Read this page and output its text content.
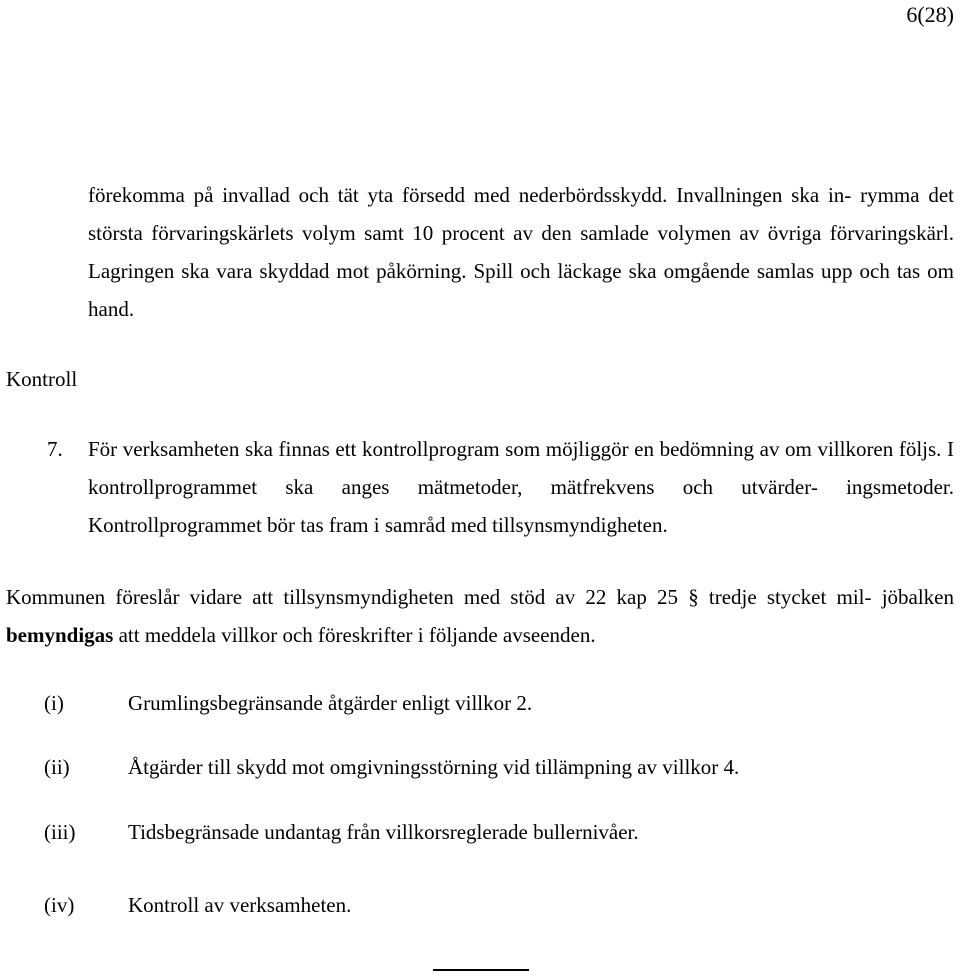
6(28)
förekomma på invallad och tät yta försedd med nederbördsskydd. Invallningen ska in- rymma det största förvaringskärlets volym samt 10 procent av den samlade volymen av övriga förvaringskärl. Lagringen ska vara skyddad mot påkörning. Spill och läckage ska omgående samlas upp och tas om hand.
Kontroll
7. För verksamheten ska finnas ett kontrollprogram som möjliggör en bedömning av om villkoren följs. I kontrollprogrammet ska anges mätmetoder, mätfrekvens och utvärder- ingsmetoder. Kontrollprogrammet bör tas fram i samråd med tillsynsmyndigheten.
Kommunen föreslår vidare att tillsynsmyndigheten med stöd av 22 kap 25 § tredje stycket mil- jöbalken bemyndigas att meddela villkor och föreskrifter i följande avseenden.
(i)	Grumlingsbegränsande åtgärder enligt villkor 2.
(ii)	Åtgärder till skydd mot omgivningsstörning vid tillämpning av villkor 4.
(iii)	Tidsbegränsade undantag från villkorsreglerade bullernivåer.
(iv)	Kontroll av verksamheten.
